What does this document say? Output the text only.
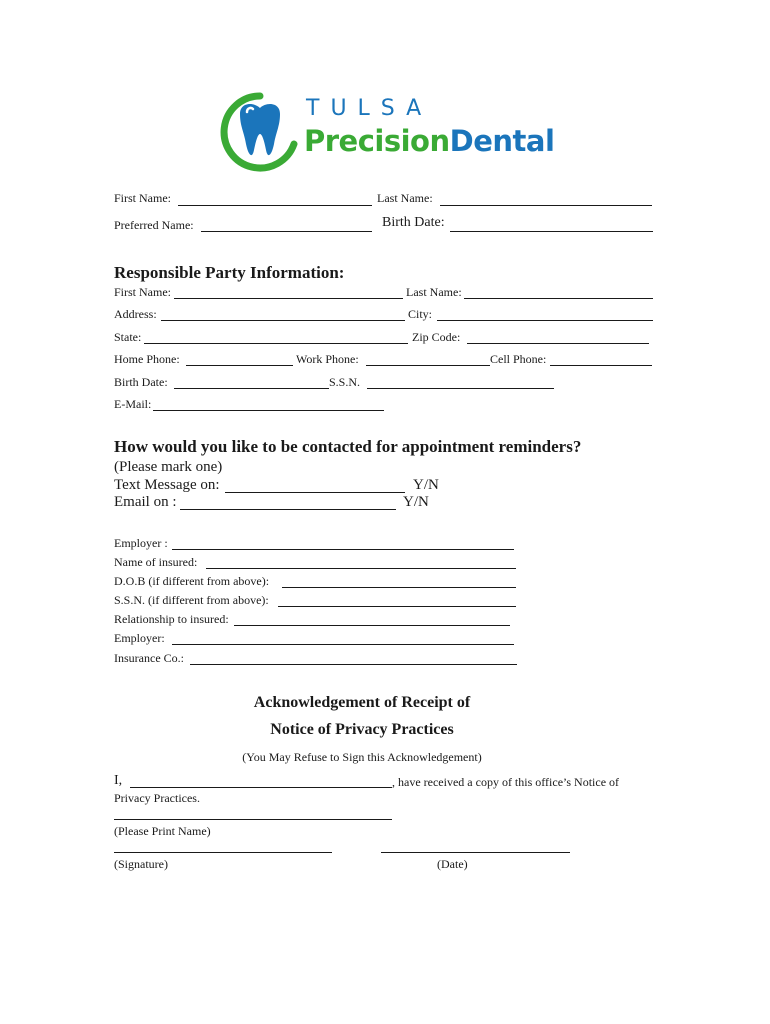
TULSA
PrecisionDental
First Name:	Last Name:
Preferred Name:	Birth Date:
Responsible Party Information:
First Name:	Last Name:
Address:	City:
State:	Zip Code:
Home Phone:	Work Phone:	Cell Phone:
Birth Date:	S.S.N.
E-Mail:
How would you like to be contacted for appointment reminders?
(Please mark one)
Text Message on:	Y/N
Email on :	Y/N
Employer :
Name of insured:
D.O.B (if different from above):
S.S.N. (if different from above):
Relationship to insured:
Employer:
Insurance Co.:
Acknowledgement of Receipt of
Notice of Privacy Practices
(You May Refuse to Sign this Acknowledgement)
I,	, have received a copy of this office’s Notice of
Privacy Practices.
(Please Print Name)
(Signature)	(Date)
